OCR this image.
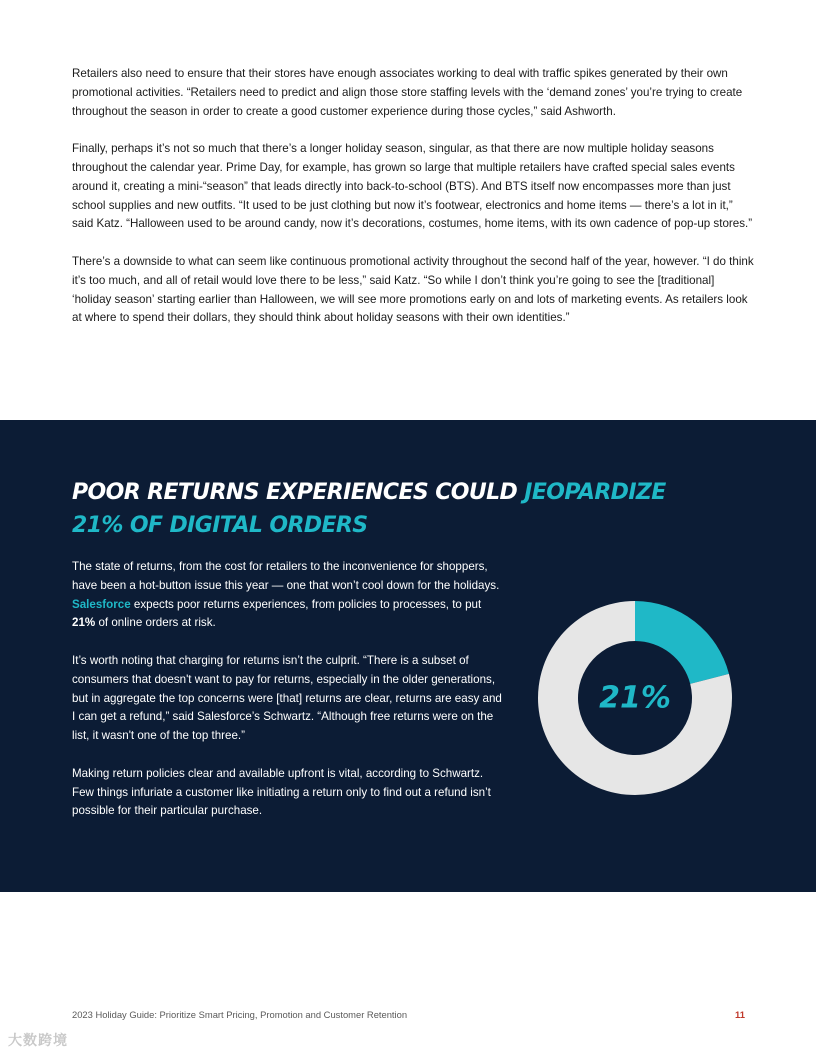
Retailers also need to ensure that their stores have enough associates working to deal with traffic spikes generated by their own promotional activities. “Retailers need to predict and align those store staffing levels with the ‘demand zones’ you’re trying to create throughout the season in order to create a good customer experience during those cycles,” said Ashworth.

Finally, perhaps it’s not so much that there’s a longer holiday season, singular, as that there are now multiple holiday seasons throughout the calendar year. Prime Day, for example, has grown so large that multiple retailers have crafted special sales events around it, creating a mini-“season” that leads directly into back-to-school (BTS). And BTS itself now encompasses more than just school supplies and new outfits. “It used to be just clothing but now it’s footwear, electronics and home items — there’s a lot in it,” said Katz. “Halloween used to be around candy, now it’s decorations, costumes, home items, with its own cadence of pop-up stores.”

There’s a downside to what can seem like continuous promotional activity throughout the second half of the year, however. “I do think it’s too much, and all of retail would love there to be less,” said Katz. “So while I don’t think you’re going to see the [traditional] ‘holiday season’ starting earlier than Halloween, we will see more promotions early on and lots of marketing events. As retailers look at where to spend their dollars, they should think about holiday seasons with their own identities.”

POOR RETURNS EXPERIENCES COULD JEOPARDIZE
21% OF DIGITAL ORDERS

The state of returns, from the cost for retailers to the inconvenience for shoppers, have been a hot-button issue this year — one that won’t cool down for the holidays. Salesforce expects poor returns experiences, from policies to processes, to put 21% of online orders at risk.

It’s worth noting that charging for returns isn’t the culprit. “There is a subset of consumers that doesn't want to pay for returns, especially in the older generations, but in aggregate the top concerns were [that] returns are clear, returns are easy and I can get a refund,” said Salesforce’s Schwartz. “Although free returns were on the list, it wasn't one of the top three.”

Making return policies clear and available upfront is vital, according to Schwartz. Few things infuriate a customer like initiating a return only to find out a refund isn’t possible for their particular purchase.

21%
2023 Holiday Guide: Prioritize Smart Pricing, Promotion and Customer Retention	11
大数跨境
